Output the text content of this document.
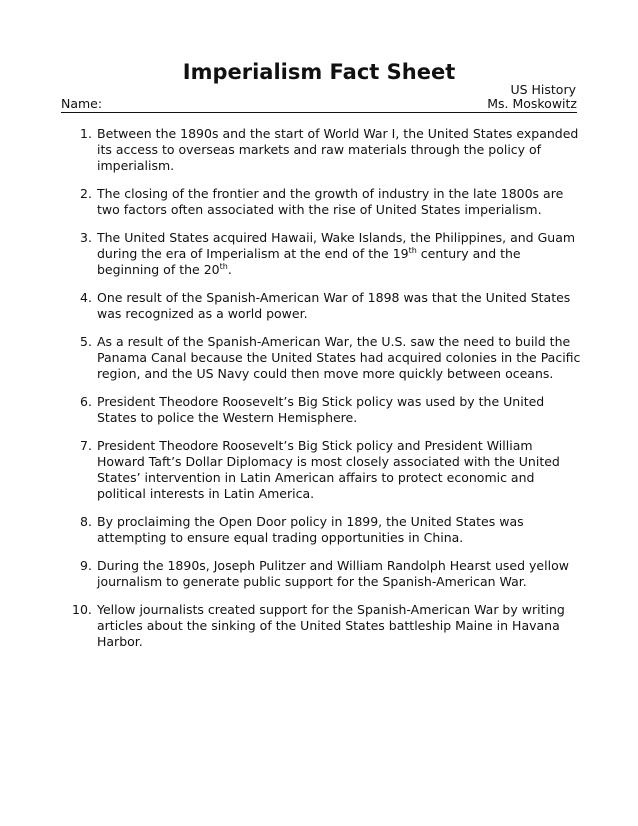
Imperialism Fact Sheet
US History
Name:	Ms. Moskowitz
1. Between the 1890s and the start of World War I, the United States expanded its access to overseas markets and raw materials through the policy of imperialism.
2. The closing of the frontier and the growth of industry in the late 1800s are two factors often associated with the rise of United States imperialism.
3. The United States acquired Hawaii, Wake Islands, the Philippines, and Guam during the era of Imperialism at the end of the 19th century and the beginning of the 20th.
4. One result of the Spanish-American War of 1898 was that the United States was recognized as a world power.
5. As a result of the Spanish-American War, the U.S. saw the need to build the Panama Canal because the United States had acquired colonies in the Pacific region, and the US Navy could then move more quickly between oceans.
6. President Theodore Roosevelt’s Big Stick policy was used by the United States to police the Western Hemisphere.
7. President Theodore Roosevelt’s Big Stick policy and President William Howard Taft’s Dollar Diplomacy is most closely associated with the United States’ intervention in Latin American affairs to protect economic and political interests in Latin America.
8. By proclaiming the Open Door policy in 1899, the United States was attempting to ensure equal trading opportunities in China.
9. During the 1890s, Joseph Pulitzer and William Randolph Hearst used yellow journalism to generate public support for the Spanish-American War.
10. Yellow journalists created support for the Spanish-American War by writing articles about the sinking of the United States battleship Maine in Havana Harbor.
